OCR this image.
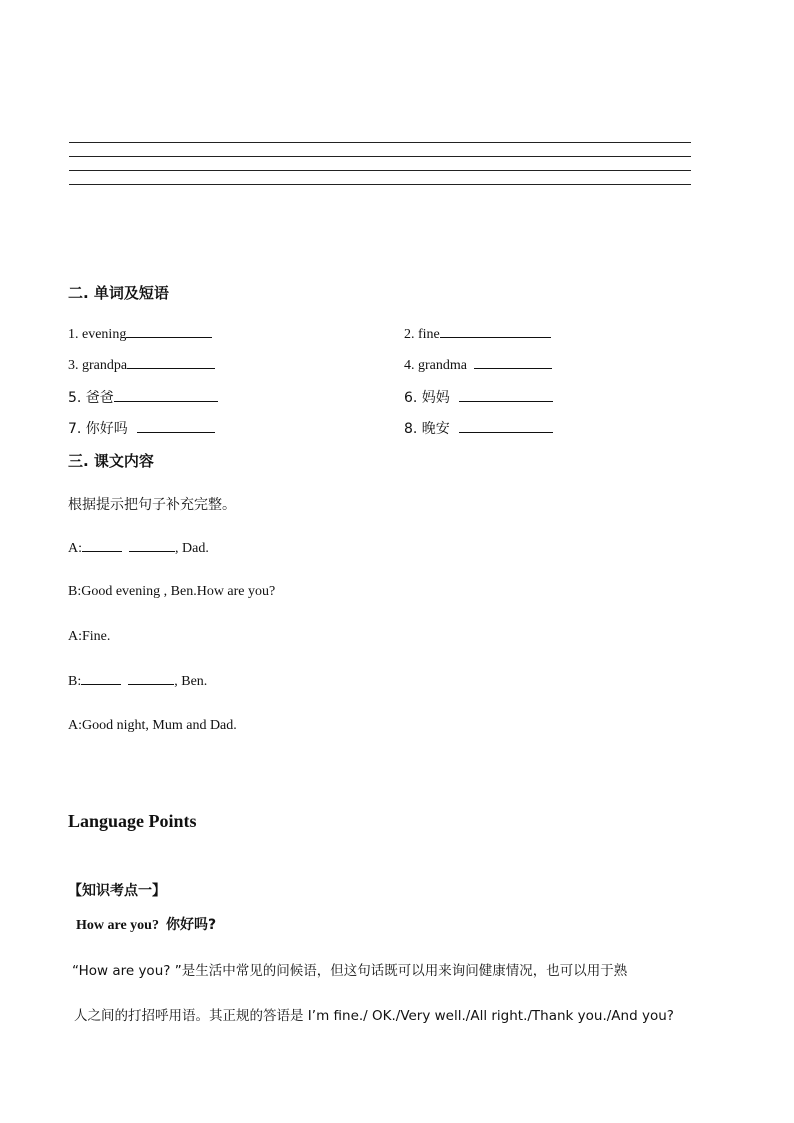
二. 单词及短语
1. evening	2. fine
3. grandpa	4. grandma
5. 爸爸	6. 妈妈
7. 你好吗	8. 晚安
三. 课文内容
根据提示把句子补充完整。
A:	, Dad.
B:Good evening , Ben.How are you?
A:Fine.
B:	, Ben.
A:Good night, Mum and Dad.
Language Points
【知识考点一】
How are you? 你好吗?
“How are you? ”是生活中常见的问候语，但这句话既可以用来询问健康情况，也可以用于熟
人之间的打招呼用语。其正规的答语是 I’m fine./ OK./Very well./All right./Thank you./And you?
